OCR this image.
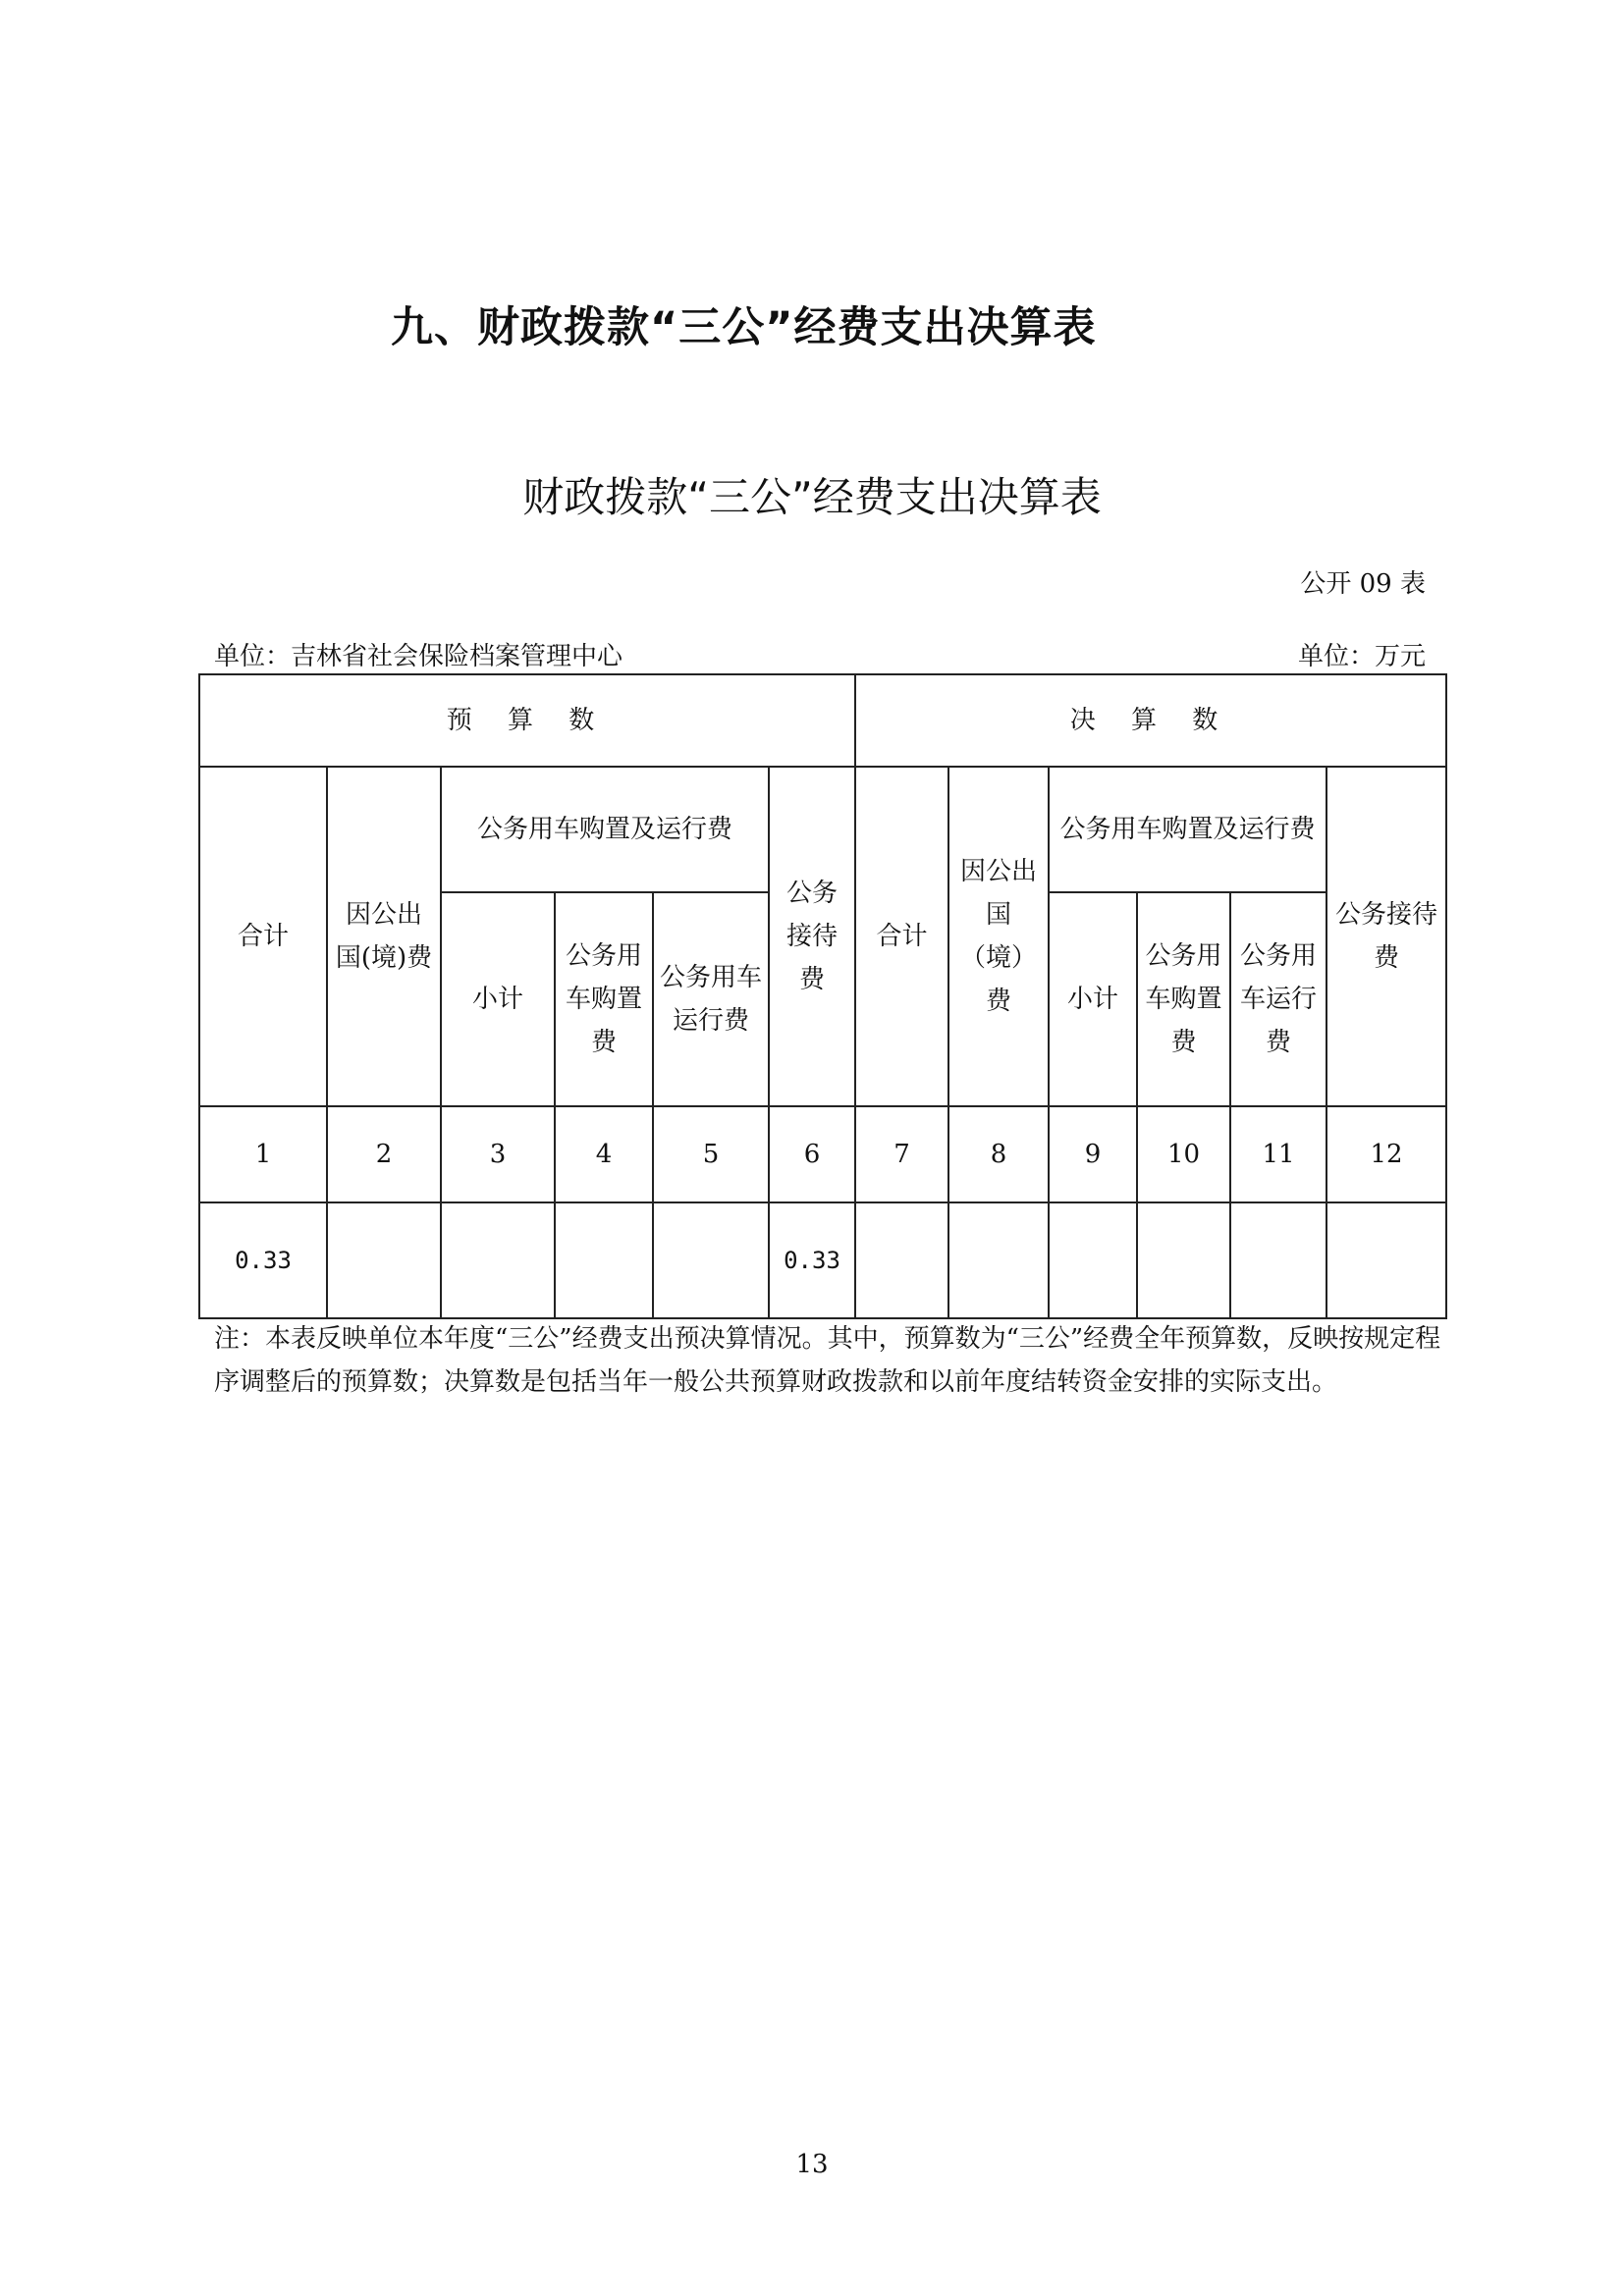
九、财政拨款“三公”经费支出决算表
财政拨款“三公”经费支出决算表
公开 09 表
单位：吉林省社会保险档案管理中心	单位：万元
预 算 数						决 算 数					
合计	因公出国(境)费	公务用车购置及运行费			公务接待费	合计	因公出国（境）费	公务用车购置及运行费			公务接待费
		小计	公务用车购置费	公务用车运行费				小计	公务用车购置费	公务用车运行费	
1	2	3	4	5	6	7	8	9	10	11	12
0.33					0.33						

注：本表反映单位本年度“三公”经费支出预决算情况。其中，预算数为“三公”经费全年预算数，反映按规定程序调整后的预算数；决算数是包括当年一般公共预算财政拨款和以前年度结转资金安排的实际支出。

13
